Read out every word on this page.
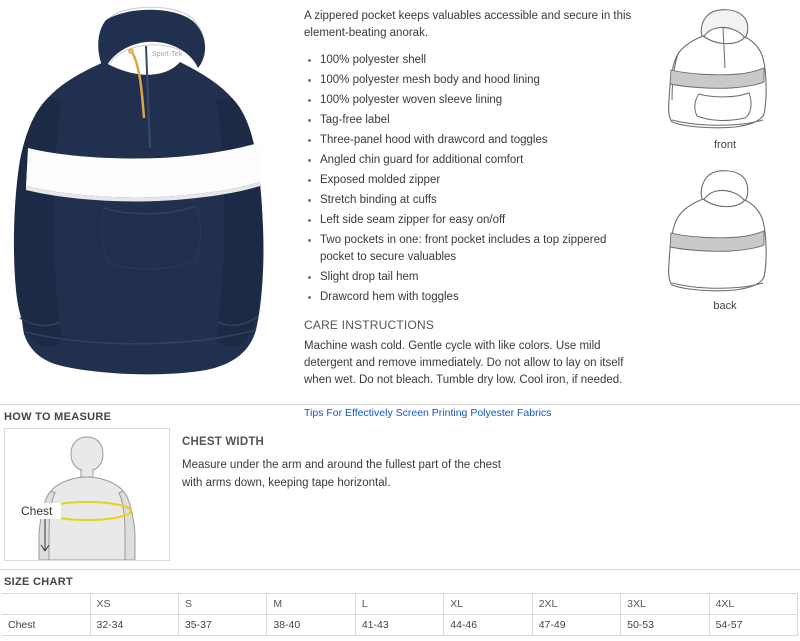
Sport-Tek

A zippered pocket keeps valuables accessible and secure in this element-beating anorak.

100% polyester shell
100% polyester mesh body and hood lining
100% polyester woven sleeve lining
Tag-free label
Three-panel hood with drawcord and toggles
Angled chin guard for additional comfort
Exposed molded zipper
Stretch binding at cuffs
Left side seam zipper for easy on/off
Two pockets in one: front pocket includes a top zippered pocket to secure valuables
Slight drop tail hem
Drawcord hem with toggles
CARE INSTRUCTIONS

Machine wash cold. Gentle cycle with like colors. Use mild detergent and remove immediately. Do not allow to lay on itself when wet. Do not bleach. Tumble dry low. Cool iron, if needed.

Tips For Effectively Screen Printing Polyester Fabrics
front
back
HOW TO MEASURE
Chest
CHEST WIDTH
Measure under the arm and around the fullest part of the chest
with arms down, keeping tape horizontal.
SIZE CHART
	XS	S	M	L	XL	2XL	3XL	4XL
Chest	32-34	35-37	38-40	41-43	44-46	47-49	50-53	54-57
